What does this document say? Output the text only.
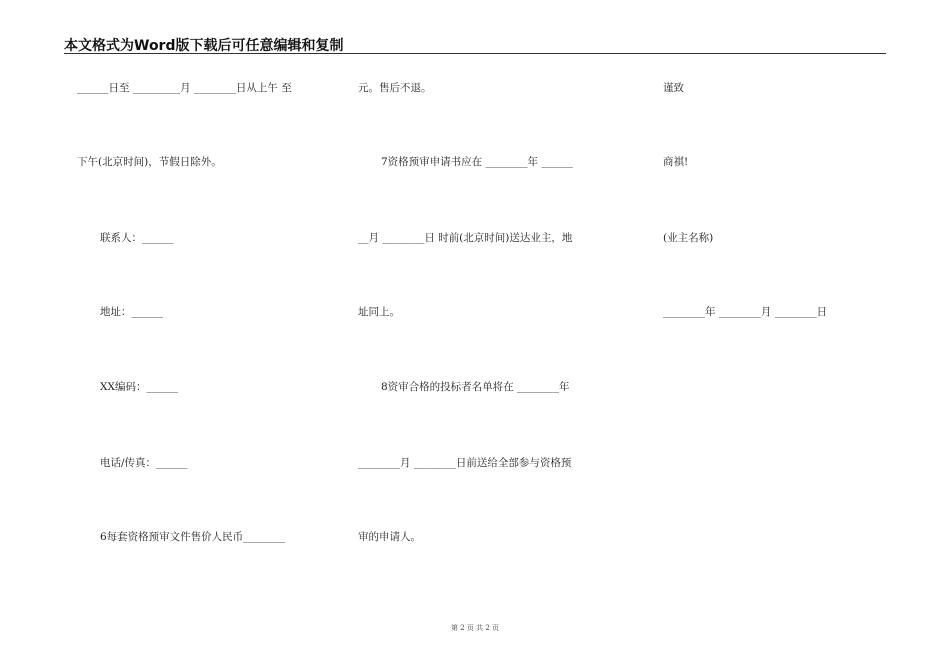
本文格式为Word版下载后可任意编辑和复制
______日至 _________月 ________日从上午 至
下午(北京时间)，节假日除外。
联系人：______
地址：______
XX编码：______
电话/传真：______
6每套资格预审文件售价人民币________
元。售后不退。
7资格预审申请书应在 ________年 ______
__月 ________日 时前(北京时间)送达业主，地
址同上。
8资审合格的投标者名单将在 ________年
________月 ________日前送给全部参与资格预
审的申请人。
谨致
商祺!
(业主名称)
________年 ________月 ________日
第 2 页 共 2 页
